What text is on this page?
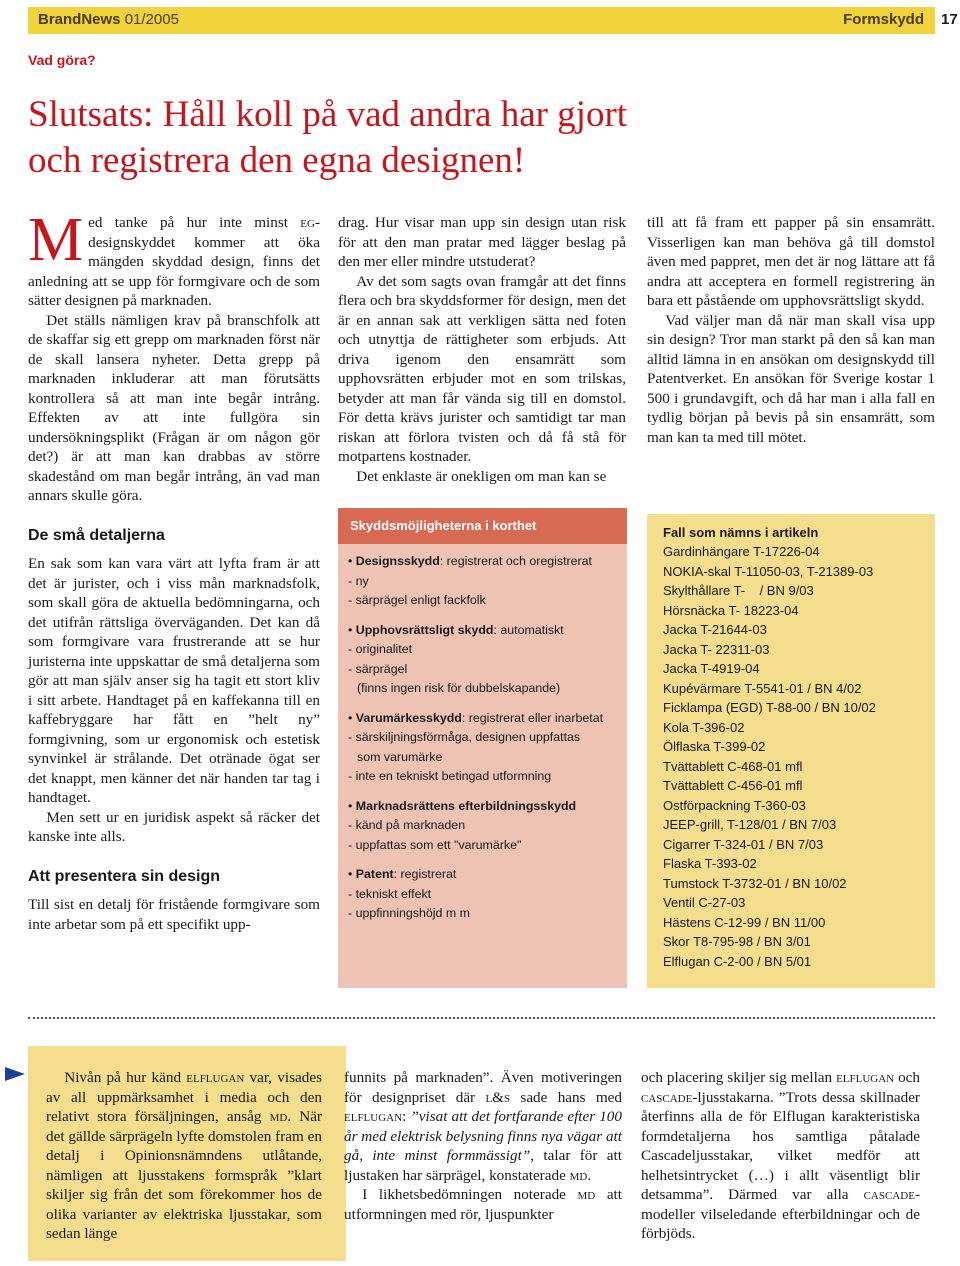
BrandNews 01/2005	Formskydd 17
Vad göra?
Slutsats: Håll koll på vad andra har gjort
och registrera den egna designen!

Med tanke på hur inte minst eg-designskyddet kommer att öka mängden skyddad design, finns det anledning att se upp för formgivare och de som sätter designen på marknaden.

Det ställs nämligen krav på branschfolk att de skaffar sig ett grepp om marknaden först när de skall lansera nyheter. Detta grepp på marknaden inkluderar att man förutsätts kontrollera så att man inte begår intrång. Effekten av att inte fullgöra sin undersökningsplikt (Frågan är om någon gör det?) är att man kan drabbas av större skadestånd om man begår intrång, än vad man annars skulle göra.

De små detaljerna

En sak som kan vara värt att lyfta fram är att det är jurister, och i viss mån marknadsfolk, som skall göra de aktuella bedömningarna, och det utifrån rättsliga överväganden. Det kan då som formgivare vara frustrerande att se hur juristerna inte uppskattar de små detaljerna som gör att man själv anser sig ha tagit ett stort kliv i sitt arbete. Handtaget på en kaffekanna till en kaffebryggare har fått en ”helt ny” formgivning, som ur ergonomisk och estetisk synvinkel är strålande. Det otränade ögat ser det knappt, men känner det när handen tar tag i handtaget.

Men sett ur en juridisk aspekt så räcker det kanske inte alls.

Att presentera sin design

Till sist en detalj för fristående formgivare som inte arbetar som på ett specifikt upp-

drag. Hur visar man upp sin design utan risk för att den man pratar med lägger beslag på den mer eller mindre utstuderat?

Av det som sagts ovan framgår att det finns flera och bra skyddsformer för design, men det är en annan sak att verkligen sätta ned foten och utnyttja de rättigheter som erbjuds. Att driva igenom den ensamrätt som upphovsrätten erbjuder mot en som trilskas, betyder att man får vända sig till en domstol. För detta krävs jurister och samtidigt tar man riskan att förlora tvisten och då få stå för motpartens kostnader.

Det enklaste är onekligen om man kan se

till att få fram ett papper på sin ensamrätt. Visserligen kan man behöva gå till domstol även med pappret, men det är nog lättare att få andra att acceptera en formell registrering än bara ett påstående om upphovsrättsligt skydd.

Vad väljer man då när man skall visa upp sin design? Tror man starkt på den så kan man alltid lämna in en ansökan om designskydd till Patentverket. En ansökan för Sverige kostar 1 500 i grundavgift, och då har man i alla fall en tydlig början på bevis på sin ensamrätt, som man kan ta med till mötet.

Skyddsmöjligheterna i korthet
• Designsskydd: registrerat och oregistrerat
- ny
- särprägel enligt fackfolk
• Upphovsrättsligt skydd: automatiskt
- originalitet
- särprägel
(finns ingen risk för dubbelskapande)
• Varumärkesskydd: registrerat eller inarbetat
- särskiljningsförmåga, designen uppfattas
som varumärke
- inte en tekniskt betingad utformning
• Marknadsrättens efterbildningsskydd
- känd på marknaden
- uppfattas som ett "varumärke"
• Patent: registrerat
- tekniskt effekt
- uppfinningshöjd m m
Fall som nämns i artikeln
Gardinhängare T-17226-04
NOKIA-skal T-11050-03, T-21389-03
Skylthållare T-    / BN 9/03
Hörsnäcka T- 18223-04
Jacka T-21644-03
Jacka T- 22311-03
Jacka T-4919-04
Kupévärmare T-5541-01 / BN 4/02
Ficklampa (EGD) T-88-00 / BN 10/02
Kola T-396-02
Ölflaska T-399-02
Tvättablett C-468-01 mfl
Tvättablett C-456-01 mfl
Ostförpackning T-360-03
JEEP-grill, T-128/01 / BN 7/03
Cigarrer T-324-01 / BN 7/03
Flaska T-393-02
Tumstock T-3732-01 / BN 10/02
Ventil C-27-03
Hästens C-12-99 / BN 11/00
Skor T8-795-98 / BN 3/01
Elflugan C-2-00 / BN 5/01

Nivån på hur känd elflugan var, visades av all uppmärksamhet i media och den relativt stora försäljningen, ansåg md. När det gällde särprägeln lyfte domstolen fram en detalj i Opinionsnämndens utlåtande, nämligen att ljusstakens formspråk ”klart skiljer sig från det som förekommer hos de olika varianter av elektriska ljusstakar, som sedan länge

funnits på marknaden”. Även motiveringen för designpriset där l&s sade hans med elflugan: ”visat att det fortfarande efter 100 år med elektrisk belysning finns nya vägar att gå, inte minst formmässigt”, talar för att ljustaken har särprägel, konstaterade md.

I likhetsbedömningen noterade md att utformningen med rör, ljuspunkter

och placering skiljer sig mellan elflugan och cascade-ljusstakarna. ”Trots dessa skillnader återfinns alla de för Elflugan karakteristiska formdetaljerna hos samtliga påtalade Cascadeljusstakar, vilket medför att helhetsintrycket (…) i allt väsentligt blir detsamma”. Därmed var alla cascade-modeller vilseledande efterbildningar och de förbjöds.
